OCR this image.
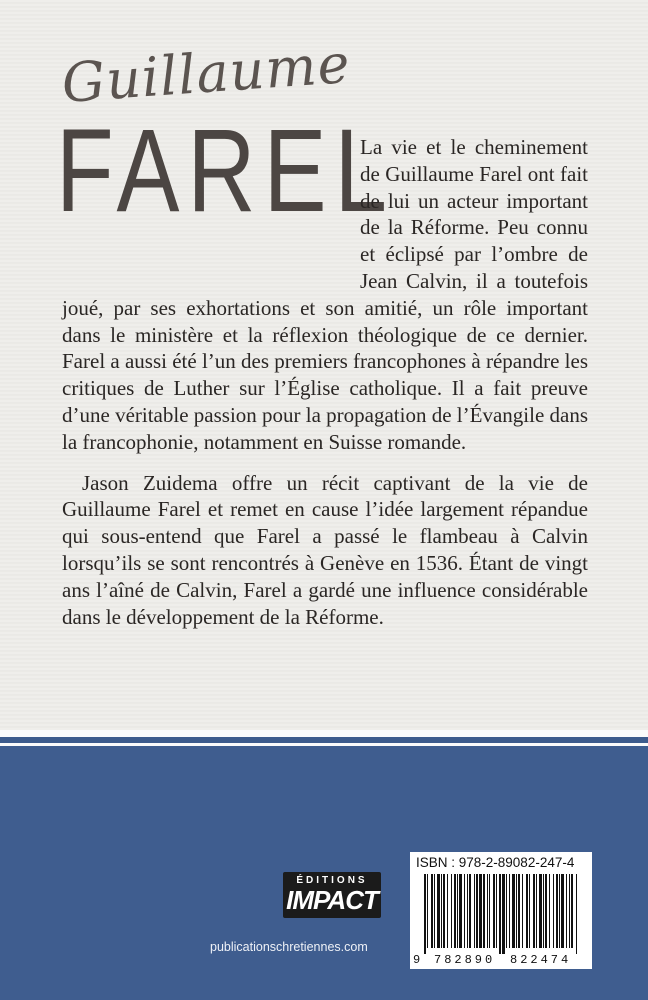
Guillaume
FAREL

La vie et le cheminement de Guillaume Farel ont fait de lui un acteur important de la Réforme. Peu connu et éclipsé par l’ombre de Jean Calvin, il a toutefois joué, par ses exhortations et son amitié, un rôle important dans le ministère et la réflexion théologique de ce dernier. Farel a aussi été l’un des premiers francophones à répandre les critiques de Luther sur l’Église catholique. Il a fait preuve d’une véritable passion pour la propagation de l’Évangile dans la francophonie, notamment en Suisse romande.

Jason Zuidema offre un récit captivant de la vie de Guillaume Farel et remet en cause l’idée largement répandue qui sous-entend que Farel a passé le flambeau à Calvin lorsqu’ils se sont rencontrés à Genève en 1536. Étant de vingt ans l’aîné de Calvin, Farel a gardé une influence considérable dans le développement de la Réforme.

ÉDITIONS
IMPACT
publicationschretiennes.com
ISBN : 978-2-89082-247-4
9 782890 822474
